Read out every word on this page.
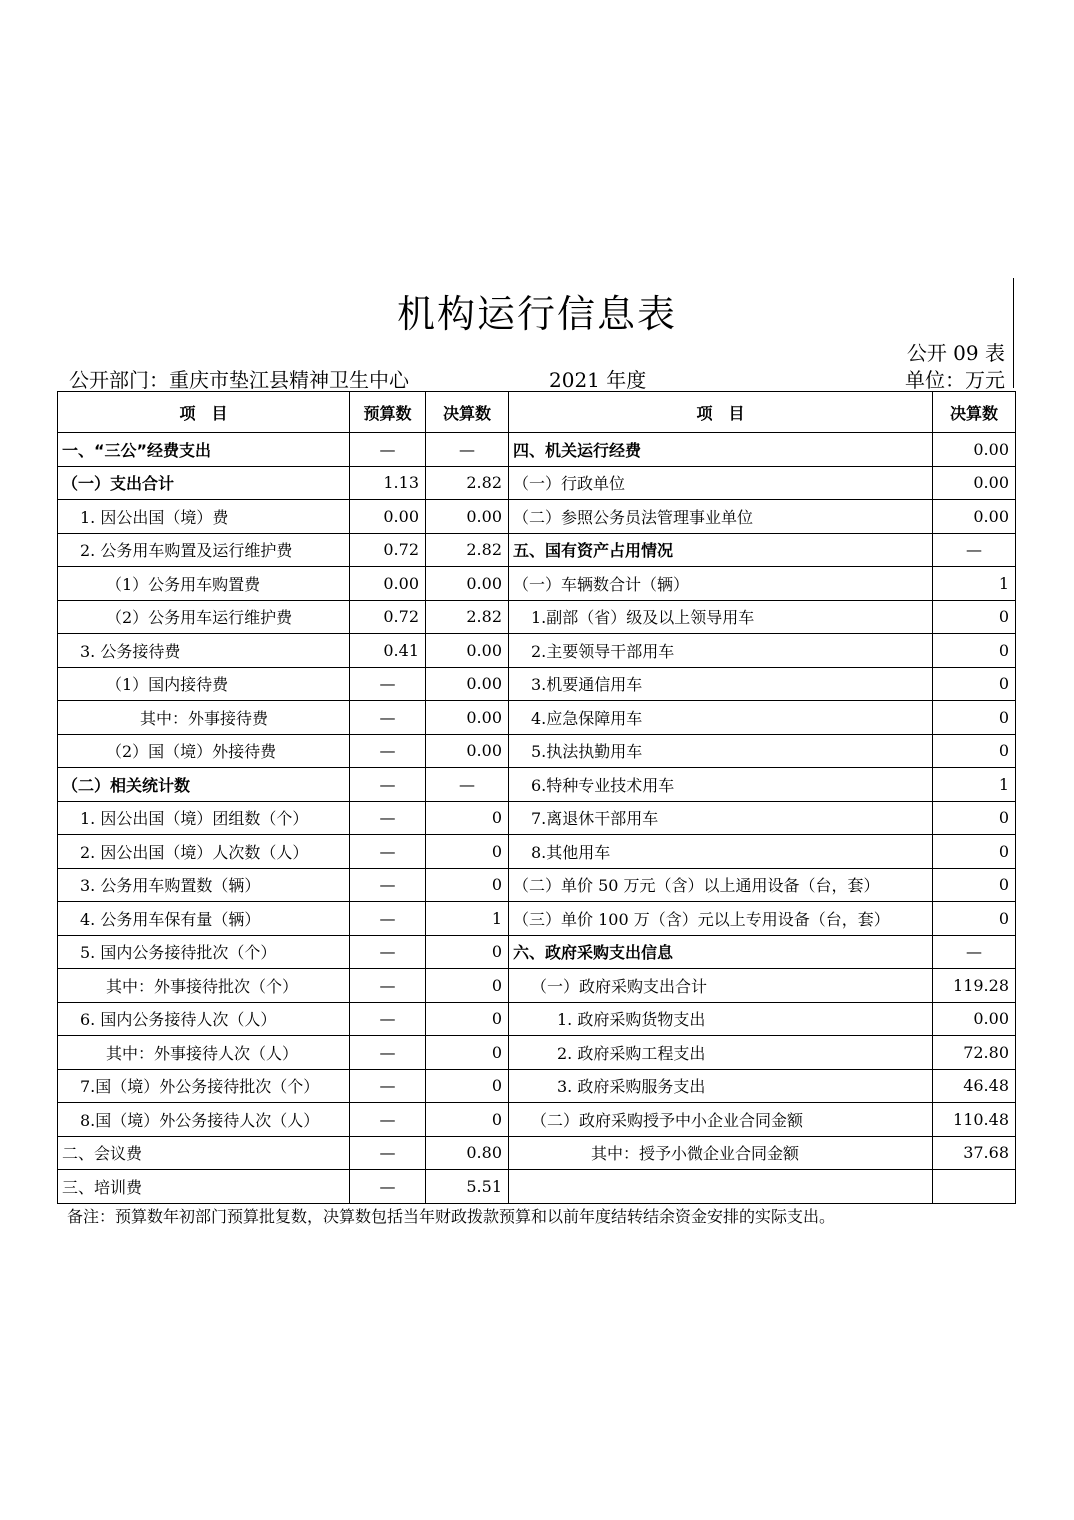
机构运行信息表
公开 09 表
公开部门：重庆市垫江县精神卫生中心	2021 年度	单位：万元
项　目	预算数	决算数	项　目	决算数
一、“三公”经费支出	—	—	四、机关运行经费	0.00
（一）支出合计	1.13	2.82	（一）行政单位	0.00
1. 因公出国（境）费	0.00	0.00	（二）参照公务员法管理事业单位	0.00
2. 公务用车购置及运行维护费	0.72	2.82	五、国有资产占用情况	—
（1）公务用车购置费	0.00	0.00	（一）车辆数合计（辆）	1
（2）公务用车运行维护费	0.72	2.82	1.副部（省）级及以上领导用车	0
3. 公务接待费	0.41	0.00	2.主要领导干部用车	0
（1）国内接待费	—	0.00	3.机要通信用车	0
其中：外事接待费	—	0.00	4.应急保障用车	0
（2）国（境）外接待费	—	0.00	5.执法执勤用车	0
（二）相关统计数	—	—	6.特种专业技术用车	1
1. 因公出国（境）团组数（个）	—	0	7.离退休干部用车	0
2. 因公出国（境）人次数（人）	—	0	8.其他用车	0
3. 公务用车购置数（辆）	—	0	（二）单价 50 万元（含）以上通用设备（台，套）	0
4. 公务用车保有量（辆）	—	1	（三）单价 100 万（含）元以上专用设备（台，套）	0
5. 国内公务接待批次（个）	—	0	六、政府采购支出信息	—
其中：外事接待批次（个）	—	0	（一）政府采购支出合计	119.28
6. 国内公务接待人次（人）	—	0	1. 政府采购货物支出	0.00
其中：外事接待人次（人）	—	0	2. 政府采购工程支出	72.80
7.国（境）外公务接待批次（个）	—	0	3. 政府采购服务支出	46.48
8.国（境）外公务接待人次（人）	—	0	（二）政府采购授予中小企业合同金额	110.48
二、会议费	—	0.80	其中：授予小微企业合同金额	37.68
三、培训费	—	5.51		
备注：预算数年初部门预算批复数，决算数包括当年财政拨款预算和以前年度结转结余资金安排的实际支出。
